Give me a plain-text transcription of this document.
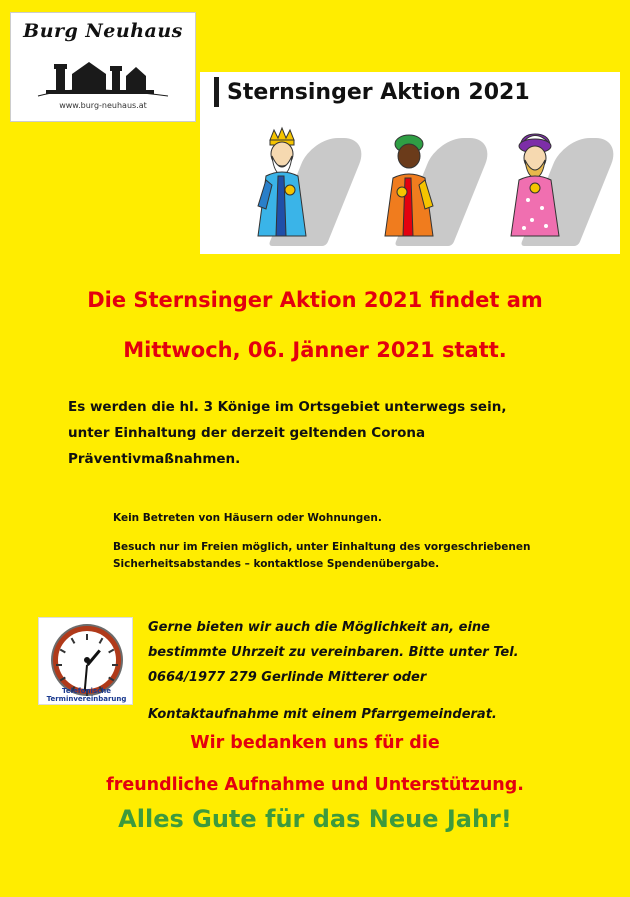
Burg Neuhaus
www.burg-neuhaus.at
Sternsinger Aktion 2021
Die Sternsinger Aktion 2021 findet am
Mittwoch, 06. Jänner 2021 statt.
Es werden die hl. 3 Könige im Ortsgebiet unterwegs sein,
unter Einhaltung der derzeit geltenden Corona
Präventivmaßnahmen.

Kein Betreten von Häusern oder Wohnungen.

Besuch nur im Freien möglich, unter Einhaltung des vorgeschriebenen Sicherheitsabstandes – kontaktlose Spendenübergabe.

Telefonische Terminvereinbarung
Gerne bieten wir auch die Möglichkeit an, eine
bestimmte Uhrzeit zu vereinbaren. Bitte unter Tel.
0664/1977 279 Gerlinde Mitterer oder
Kontaktaufnahme mit einem Pfarrgemeinderat.
Wir bedanken uns für die
freundliche Aufnahme und Unterstützung.
Alles Gute für das Neue Jahr!
